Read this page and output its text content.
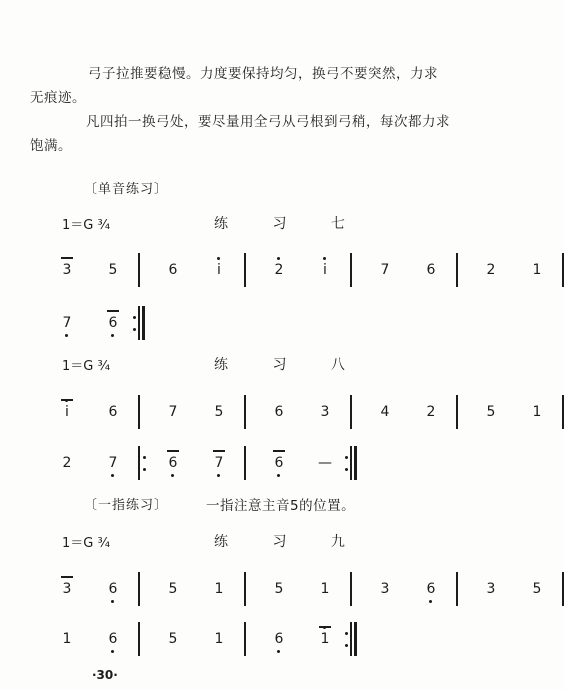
弓子拉推要稳慢。力度要保持均匀，换弓不要突然，力求无痕迹。
凡四拍一换弓处，要尽量用全弓从弓根到弓稍，每次都力求饱满。
〔单音练习〕
1＝G ¾	练 习 七
3	5	6	i	2	i	7	6	2	1
7	6
1＝G ¾	练 习 八
i	6	7	5	6	3	4	2	5	1
2	7	6	7	6 —
〔一指练习〕	一指注意主音5的位置。
1＝G ¾	练 习 九
3	6	5	1	5	1	3	6	3	5
1	6	5	1	6	1
·30·
